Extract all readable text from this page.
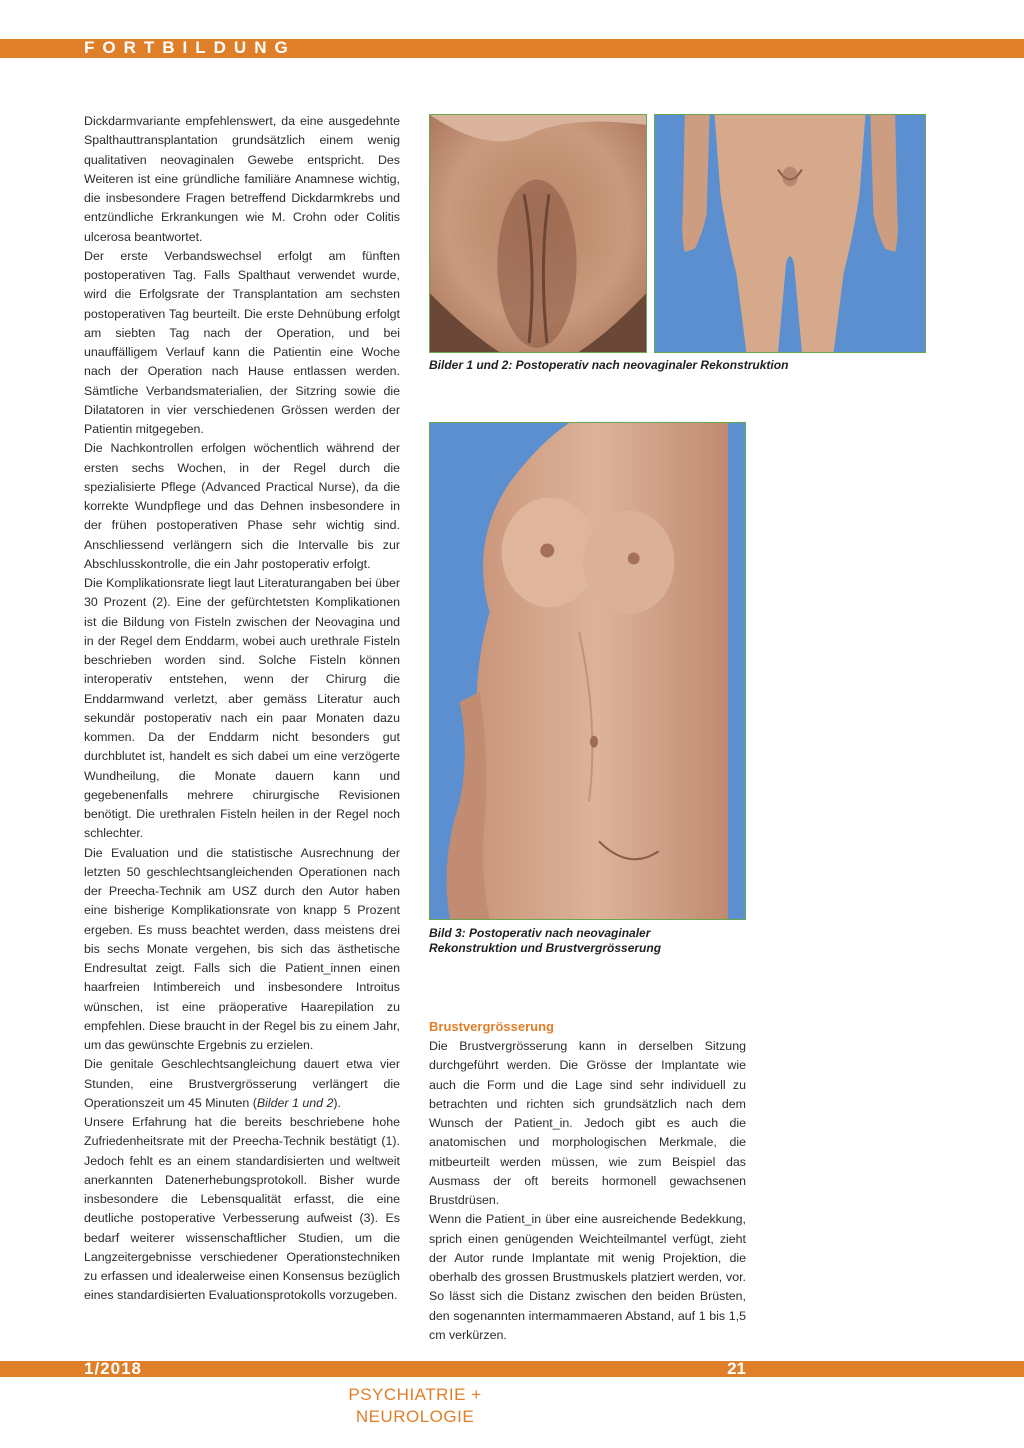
FORTBILDUNG

Dickdarmvariante empfehlenswert, da eine ausgedehnte Spalthauttransplantation grundsätzlich einem wenig qualitativen neovaginalen Gewebe entspricht. Des Weiteren ist eine gründliche familiäre Anamnese wichtig, die insbesondere Fragen betreffend Dickdarmkrebs und entzündliche Erkrankungen wie M. Crohn oder Colitis ulcerosa beantwortet.

Der erste Verbandswechsel erfolgt am fünften postoperativen Tag. Falls Spalthaut verwendet wurde, wird die Erfolgsrate der Transplantation am sechsten postoperativen Tag beurteilt. Die erste Dehnübung erfolgt am siebten Tag nach der Operation, und bei unauffälligem Verlauf kann die Patientin eine Woche nach der Operation nach Hause entlassen werden. Sämtliche Verbandsmaterialien, der Sitzring sowie die Dilatatoren in vier verschiedenen Grössen werden der Patientin mitgegeben.

Die Nachkontrollen erfolgen wöchentlich während der ersten sechs Wochen, in der Regel durch die spezialisierte Pflege (Advanced Practical Nurse), da die korrekte Wundpflege und das Dehnen insbesondere in der frühen postoperativen Phase sehr wichtig sind. Anschliessend verlängern sich die Intervalle bis zur Abschlusskontrolle, die ein Jahr postoperativ erfolgt.

Die Komplikationsrate liegt laut Literaturangaben bei über 30 Prozent (2). Eine der gefürchtetsten Komplikationen ist die Bildung von Fisteln zwischen der Neovagina und in der Regel dem Enddarm, wobei auch urethrale Fisteln beschrieben worden sind. Solche Fisteln können interoperativ entstehen, wenn der Chirurg die Enddarmwand verletzt, aber gemäss Literatur auch sekundär postoperativ nach ein paar Monaten dazu kommen. Da der Enddarm nicht besonders gut durchblutet ist, handelt es sich dabei um eine verzögerte Wundheilung, die Monate dauern kann und gegebenenfalls mehrere chirurgische Revisionen benötigt. Die urethralen Fisteln heilen in der Regel noch schlechter.

Die Evaluation und die statistische Ausrechnung der letzten 50 geschlechtsangleichenden Operationen nach der Preecha-Technik am USZ durch den Autor haben eine bisherige Komplikationsrate von knapp 5 Prozent ergeben. Es muss beachtet werden, dass meistens drei bis sechs Monate vergehen, bis sich das ästhetische Endresultat zeigt. Falls sich die Patient_innen einen haarfreien Intimbereich und insbesondere Introitus wünschen, ist eine präoperative Haarepilation zu empfehlen. Diese braucht in der Regel bis zu einem Jahr, um das gewünschte Ergebnis zu erzielen.

Die genitale Geschlechtsangleichung dauert etwa vier Stunden, eine Brustvergrösserung verlängert die Operationszeit um 45 Minuten (Bilder 1 und 2).

Unsere Erfahrung hat die bereits beschriebene hohe Zufriedenheitsrate mit der Preecha-Technik bestätigt (1). Jedoch fehlt es an einem standardisierten und weltweit anerkannten Datenerhebungsprotokoll. Bisher wurde insbesondere die Lebensqualität erfasst, die eine deutliche postoperative Verbesserung aufweist (3). Es bedarf weiterer wissenschaftlicher Studien, um die Langzeitergebnisse verschiedener Operationstechniken zu erfassen und idealerweise einen Konsensus bezüglich eines standardisierten Evaluationsprotokolls vorzugeben.

Bilder 1 und 2: Postoperativ nach neovaginaler Rekonstruktion
Bild 3: Postoperativ nach neovaginaler Rekonstruktion und Brustvergrösserung

Brustvergrösserung

Die Brustvergrösserung kann in derselben Sitzung durchgeführt werden. Die Grösse der Implantate wie auch die Form und die Lage sind sehr individuell zu betrachten und richten sich grundsätzlich nach dem Wunsch der Patient_in. Jedoch gibt es auch die anatomischen und morphologischen Merkmale, die mitbeurteilt werden müssen, wie zum Beispiel das Ausmass der oft bereits hormonell gewachsenen Brustdrüsen.

Wenn die Patient_in über eine ausreichende Bedekkung, sprich einen genügenden Weichteilmantel verfügt, zieht der Autor runde Implantate mit wenig Projektion, die oberhalb des grossen Brustmuskels platziert werden, vor. So lässt sich die Distanz zwischen den beiden Brüsten, den sogenannten intermammaeren Abstand, auf 1 bis 1,5 cm verkürzen.

1/2018	21
PSYCHIATRIE + NEUROLOGIE
